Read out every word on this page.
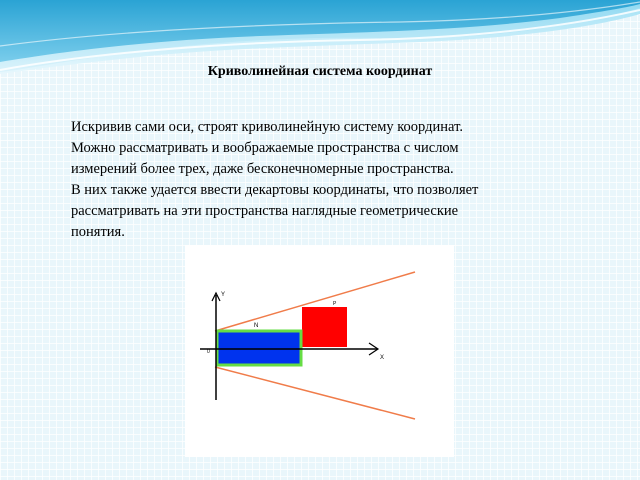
Криволинейная система координат

Искривив сами оси, строят криволинейную систему координат.

Можно рассматривать и воображаемые пространства с числом

измерений более трех, даже бесконечномерные пространства.

В них также удается ввести декартовы координаты, что позволяет

рассматривать на эти пространства наглядные геометрические

понятия.

Y
X
N
P
0
